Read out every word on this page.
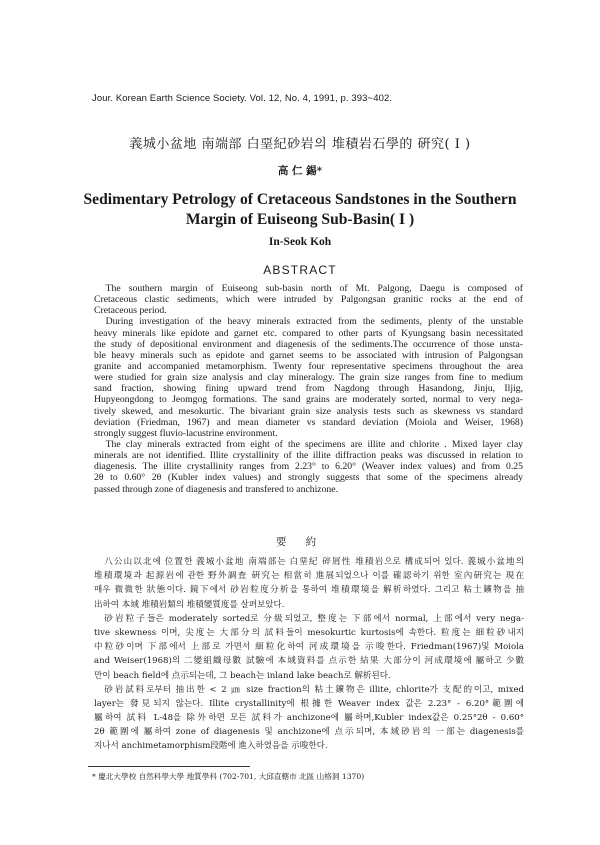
Jour. Korean Earth Science Society. Vol. 12, No. 4, 1991, p. 393~402.
義城小盆地 南端部 白堊紀砂岩의 堆積岩石學的 硏究( Ⅰ )
高 仁 錫*
Sedimentary Petrology of Cretaceous Sandstones in the Southern
Margin of Euiseong Sub-Basin( I )
In-Seok Koh
ABSTRACT
The southern margin of Euiseong sub-basin north of Mt. Palgong, Daegu is composed of
Cretaceous clastic sediments, which were intruded by Palgongsan granitic rocks at the end of
Cretaceous period.
During investigation of the heavy minerals extracted from the sediments, plenty of the unstable
heavy minerals like epidote and garnet etc. compared to other parts of Kyungsang basin necessitated
the study of depositional environment and diagenesis of the sediments.The occurrence of those unsta-
ble heavy minerals such as epidote and garnet seems to be associated with intrusion of Palgongsan
granite and accompanied metamorphism. Twenty four representative specimens throughout the area
were studied for grain size analysis and clay mineralogy. The grain size ranges from fine to medium
sand fraction, showing fining upward trend from Nagdong through Hasandong, Jinju, Iljig,
Hupyeongdong to Jeomgog formations. The sand grains are moderately sorted, normal to very nega-
tively skewed, and mesokurtic. The bivariant grain size analysis tests such as skewness vs standard
deviation (Friedman, 1967) and mean diameter vs standard deviation (Moiola and Weiser, 1968)
strongly suggest fluvio-lacustrine environment.
The clay minerals extracted from eight of the specimens are illite and chlorite . Mixed layer clay
minerals are not identified. Illite crystallinity of the illite diffraction peaks was discussed in relation to
diagenesis. The illite crystallinity ranges from 2.23° to 6.20° (Weaver index values) and from 0.25
2θ to 0.60° 2θ (Kubler index values) and strongly suggests that some of the specimens already
passed through zone of diagenesis and transfered to anchizone.
要 約
八公山以北에 位置한 義城小盆地 南端部는 白堊紀 碎屑性 堆積岩으로 構成되어 있다. 義城小盆地의
堆積環境과 起源岩에 관한 野外調査 硏究는 相當히 進展되었으나 이를 確認하기 위한 室內硏究는 現在
매우 微微한 狀態이다. 鏡下에서 砂岩粒度分析을 통하여 堆積環境을 解析하였다. 그리고 粘土鑛物을 抽
出하여 本域 堆積岩類의 堆積變質度를 살펴보았다.
砂岩粒子들은 moderately sorted로 分級되었고, 整度는 下部에서 normal, 上部에서 very nega-
tive skewness 이며, 尖度는 大部分의 試料들이 mesokurtic kurtosis에 속한다. 粒度는 細粒砂내지
中粒砂이며 下部에서 上部로 가면서 細粒化하여 河成環境을 示唆한다. Friedman(1967)및 Moiola
and Weiser(1968)의 二變組織母數 試驗에 本域資料를 点示한 結果 大部分이 河成環境에 屬하고 少數
만이 beach field에 点示되는데, 그 beach는 inland lake beach로 解析된다.
砂岩試料로부터 抽出한 < 2 ㎛ size fraction의 粘土鑛物은 illite, chlorite가 支配的이고, mixed
layer는 發見되지 않는다. Illite crystallinity에 根據한 Weaver index 값은 2.23° - 6.20°範圍에
屬하여 試料 L-48을 除外하면 모든 試料가 anchizone에 屬하며,Kubler index값은 0.25°2θ - 0.60°
2θ 範圍에 屬하여 zone of diagenesis 및 anchizone에 点示되며, 本域砂岩의 一部는 diagenesis를
지나서 anchimetamorphism段階에 進入하였음을 示唆한다.
* 慶北大學校 自然科學大學 地質學科 (702-701, 大邱直轄市 北區 山格洞 1370)
